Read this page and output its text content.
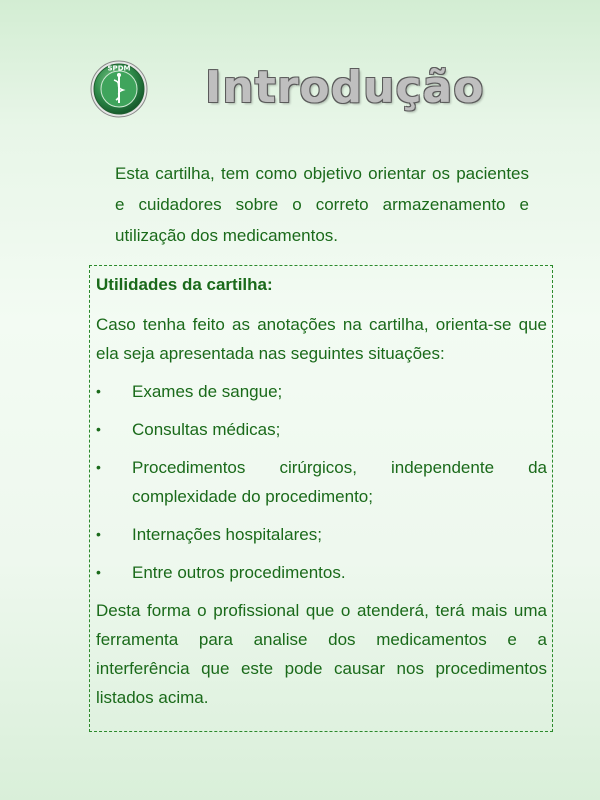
SPDM Introdução

Esta cartilha, tem como objetivo orientar os pacientes e cuidadores sobre o correto armazenamento e utilização dos medicamentos.

Utilidades da cartilha:

Caso tenha feito as anotações na cartilha, orienta-se que ela seja apresentada nas seguintes situações:

•	Exames de sangue;
•	Consultas médicas;
•	Procedimentos cirúrgicos, independente da complexidade do procedimento;
•	Internações hospitalares;
•	Entre outros procedimentos.

Desta forma o profissional que o atenderá, terá mais uma ferramenta para analise dos medicamentos e a interferência que este pode causar nos procedimentos listados acima.
